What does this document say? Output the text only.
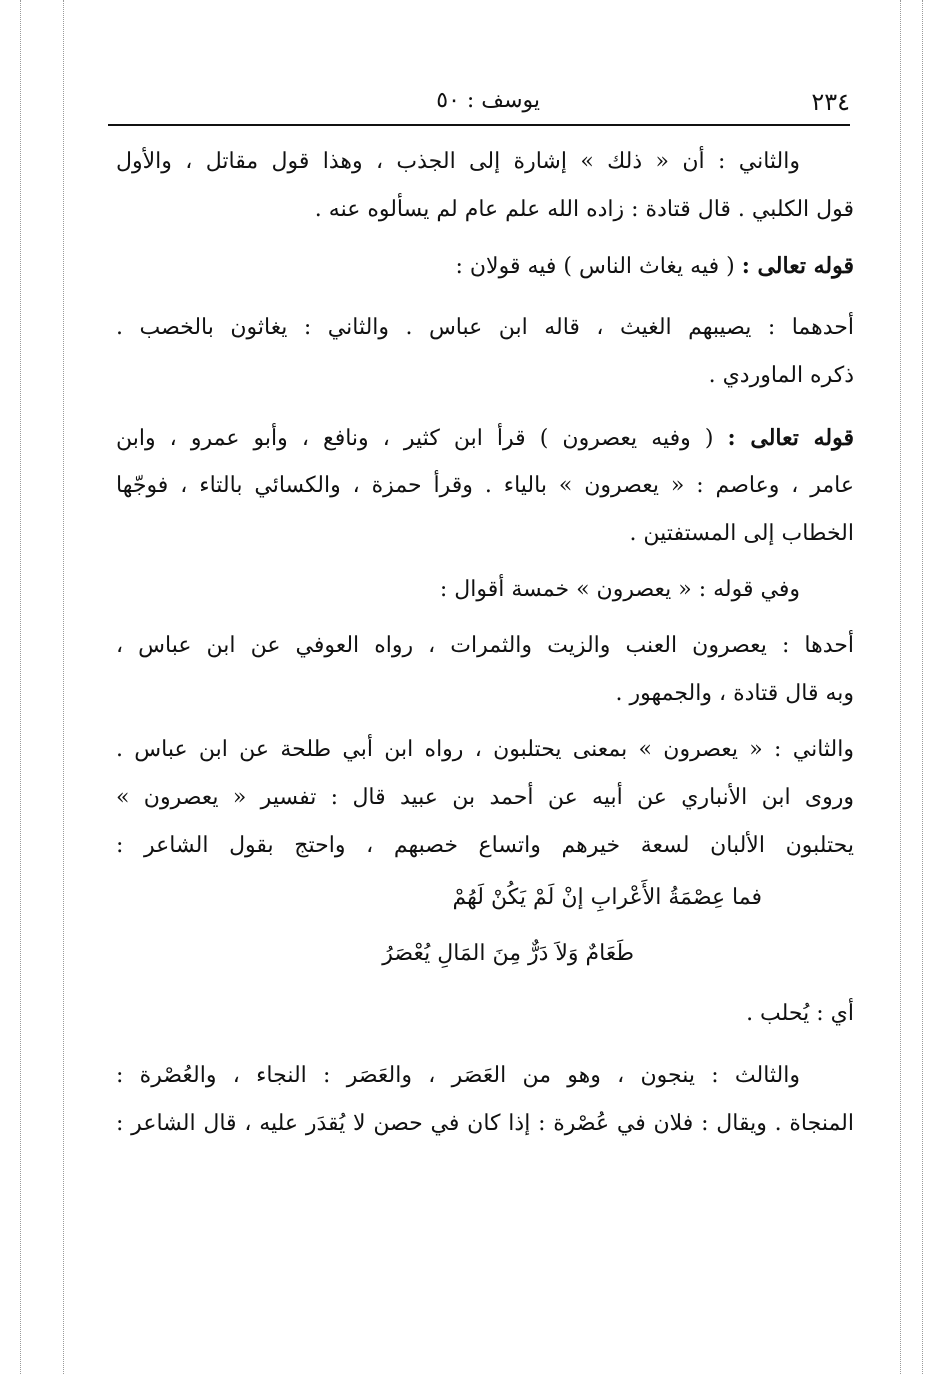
٢٣٤
يوسف : ٥٠
والثاني : أن « ذلك » إشارة إلى الجذب ، وهذا قول مقاتل ، والأول
قول الكلبي . قال قتادة : زاده الله علم عام لم يسألوه عنه .
قوله تعالى : ( فيه يغاث الناس ) فيه قولان :
أحدهما : يصيبهم الغيث ، قاله ابن عباس . والثاني : يغاثون بالخصب .
ذكره الماوردي .
قوله تعالى : ( وفيه يعصرون ) قرأ ابن كثير ، ونافع ، وأبو عمرو ، وابن
عامر ، وعاصم : « يعصرون » بالياء . وقرأ حمزة ، والكسائي بالتاء ، فوجّها
الخطاب إلى المستفتين .
وفي قوله : « يعصرون » خمسة أقوال :
أحدها : يعصرون العنب والزيت والثمرات ، رواه العوفي عن ابن عباس ،
وبه قال قتادة ، والجمهور .
والثاني : « يعصرون » بمعنى يحتلبون ، رواه ابن أبي طلحة عن ابن عباس .
وروى ابن الأنباري عن أبيه عن أحمد بن عبيد قال : تفسير « يعصرون »
يحتلبون الألبان لسعة خيرهم واتساع خصبهم ، واحتج بقول الشاعر :
فما عِصْمَةُ الأَعْرابِ إنْ لَمْ يَكُنْ لَهُمْ
طَعَامٌ وَلاَ دَرٌّ مِنَ المَالِ يُعْصَرُ
أي : يُحلب .
والثالث : ينجون ، وهو من العَصَر ، والعَصَر : النجاء ، والعُصْرة :
المنجاة . ويقال : فلان في عُصْرة : إذا كان في حصن لا يُقدَر عليه ، قال الشاعر :
